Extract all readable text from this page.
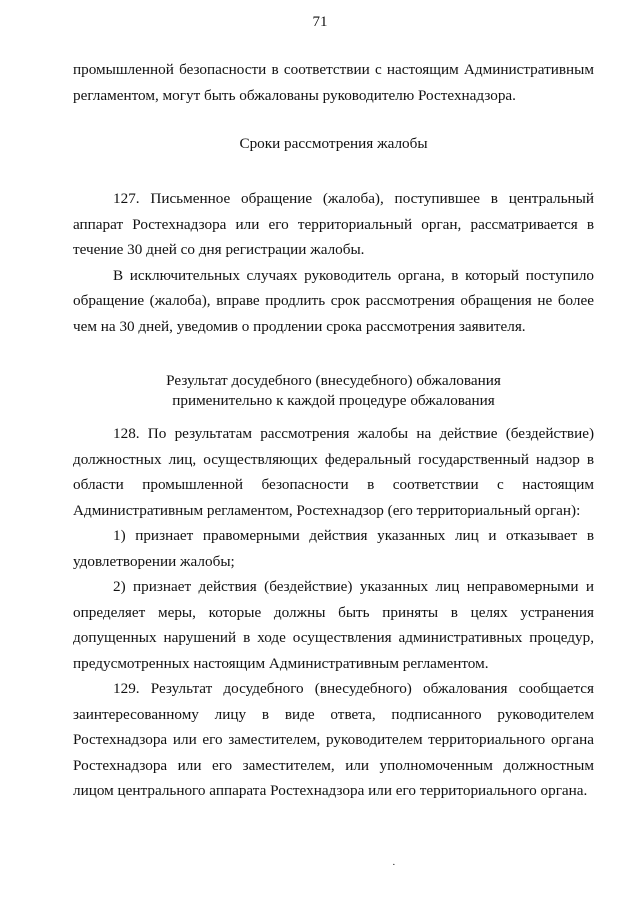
71

промышленной безопасности в соответствии с настоящим Административным регламентом, могут быть обжалованы руководителю Ростехнадзора.

Сроки рассмотрения жалобы

127. Письменное обращение (жалоба), поступившее в центральный аппарат Ростехнадзора или его территориальный орган, рассматривается в течение 30 дней со дня регистрации жалобы.

В исключительных случаях руководитель органа, в который поступило обращение (жалоба), вправе продлить срок рассмотрения обращения не более чем на 30 дней, уведомив о продлении срока рассмотрения заявителя.

Результат досудебного (внесудебного) обжалования

применительно к каждой процедуре обжалования

128. По результатам рассмотрения жалобы на действие (бездействие) должностных лиц, осуществляющих федеральный государственный надзор в области промышленной безопасности в соответствии с настоящим Административным регламентом, Ростехнадзор (его территориальный орган):

1) признает правомерными действия указанных лиц и отказывает в удовлетворении жалобы;

2) признает действия (бездействие) указанных лиц неправомерными и определяет меры, которые должны быть приняты в целях устранения допущенных нарушений в ходе осуществления административных процедур, предусмотренных настоящим Административным регламентом.

129. Результат досудебного (внесудебного) обжалования сообщается заинтересованному лицу в виде ответа, подписанного руководителем Ростехнадзора или его заместителем, руководителем территориального органа Ростехнадзора или его заместителем, или уполномоченным должностным лицом центрального аппарата Ростехнадзора или его территориального органа.

·
